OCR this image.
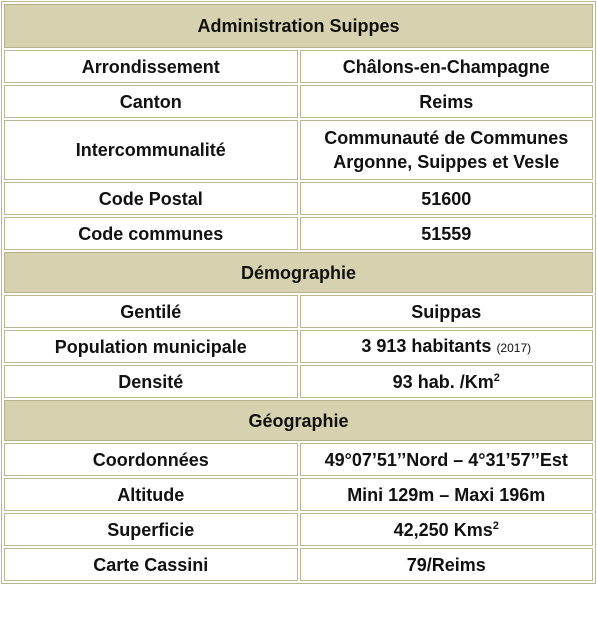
Administration Suippes	
Arrondissement	Châlons-en-Champagne
Canton	Reims
Intercommunalité	Communauté de Communes
Argonne, Suippes et Vesle

Code Postal	51600
Code communes	51559
Démographie	
Gentilé	Suippas
Population municipale	3 913 habitants (2017)
Densité	93 hab. /Km$^2$
Géographie	
Coordonnées	49°07’51’’Nord – 4°31’57’’Est
Altitude	Mini 129m – Maxi 196m
Superficie	42,250 Kms$^2$
Carte Cassini	79/Reims
